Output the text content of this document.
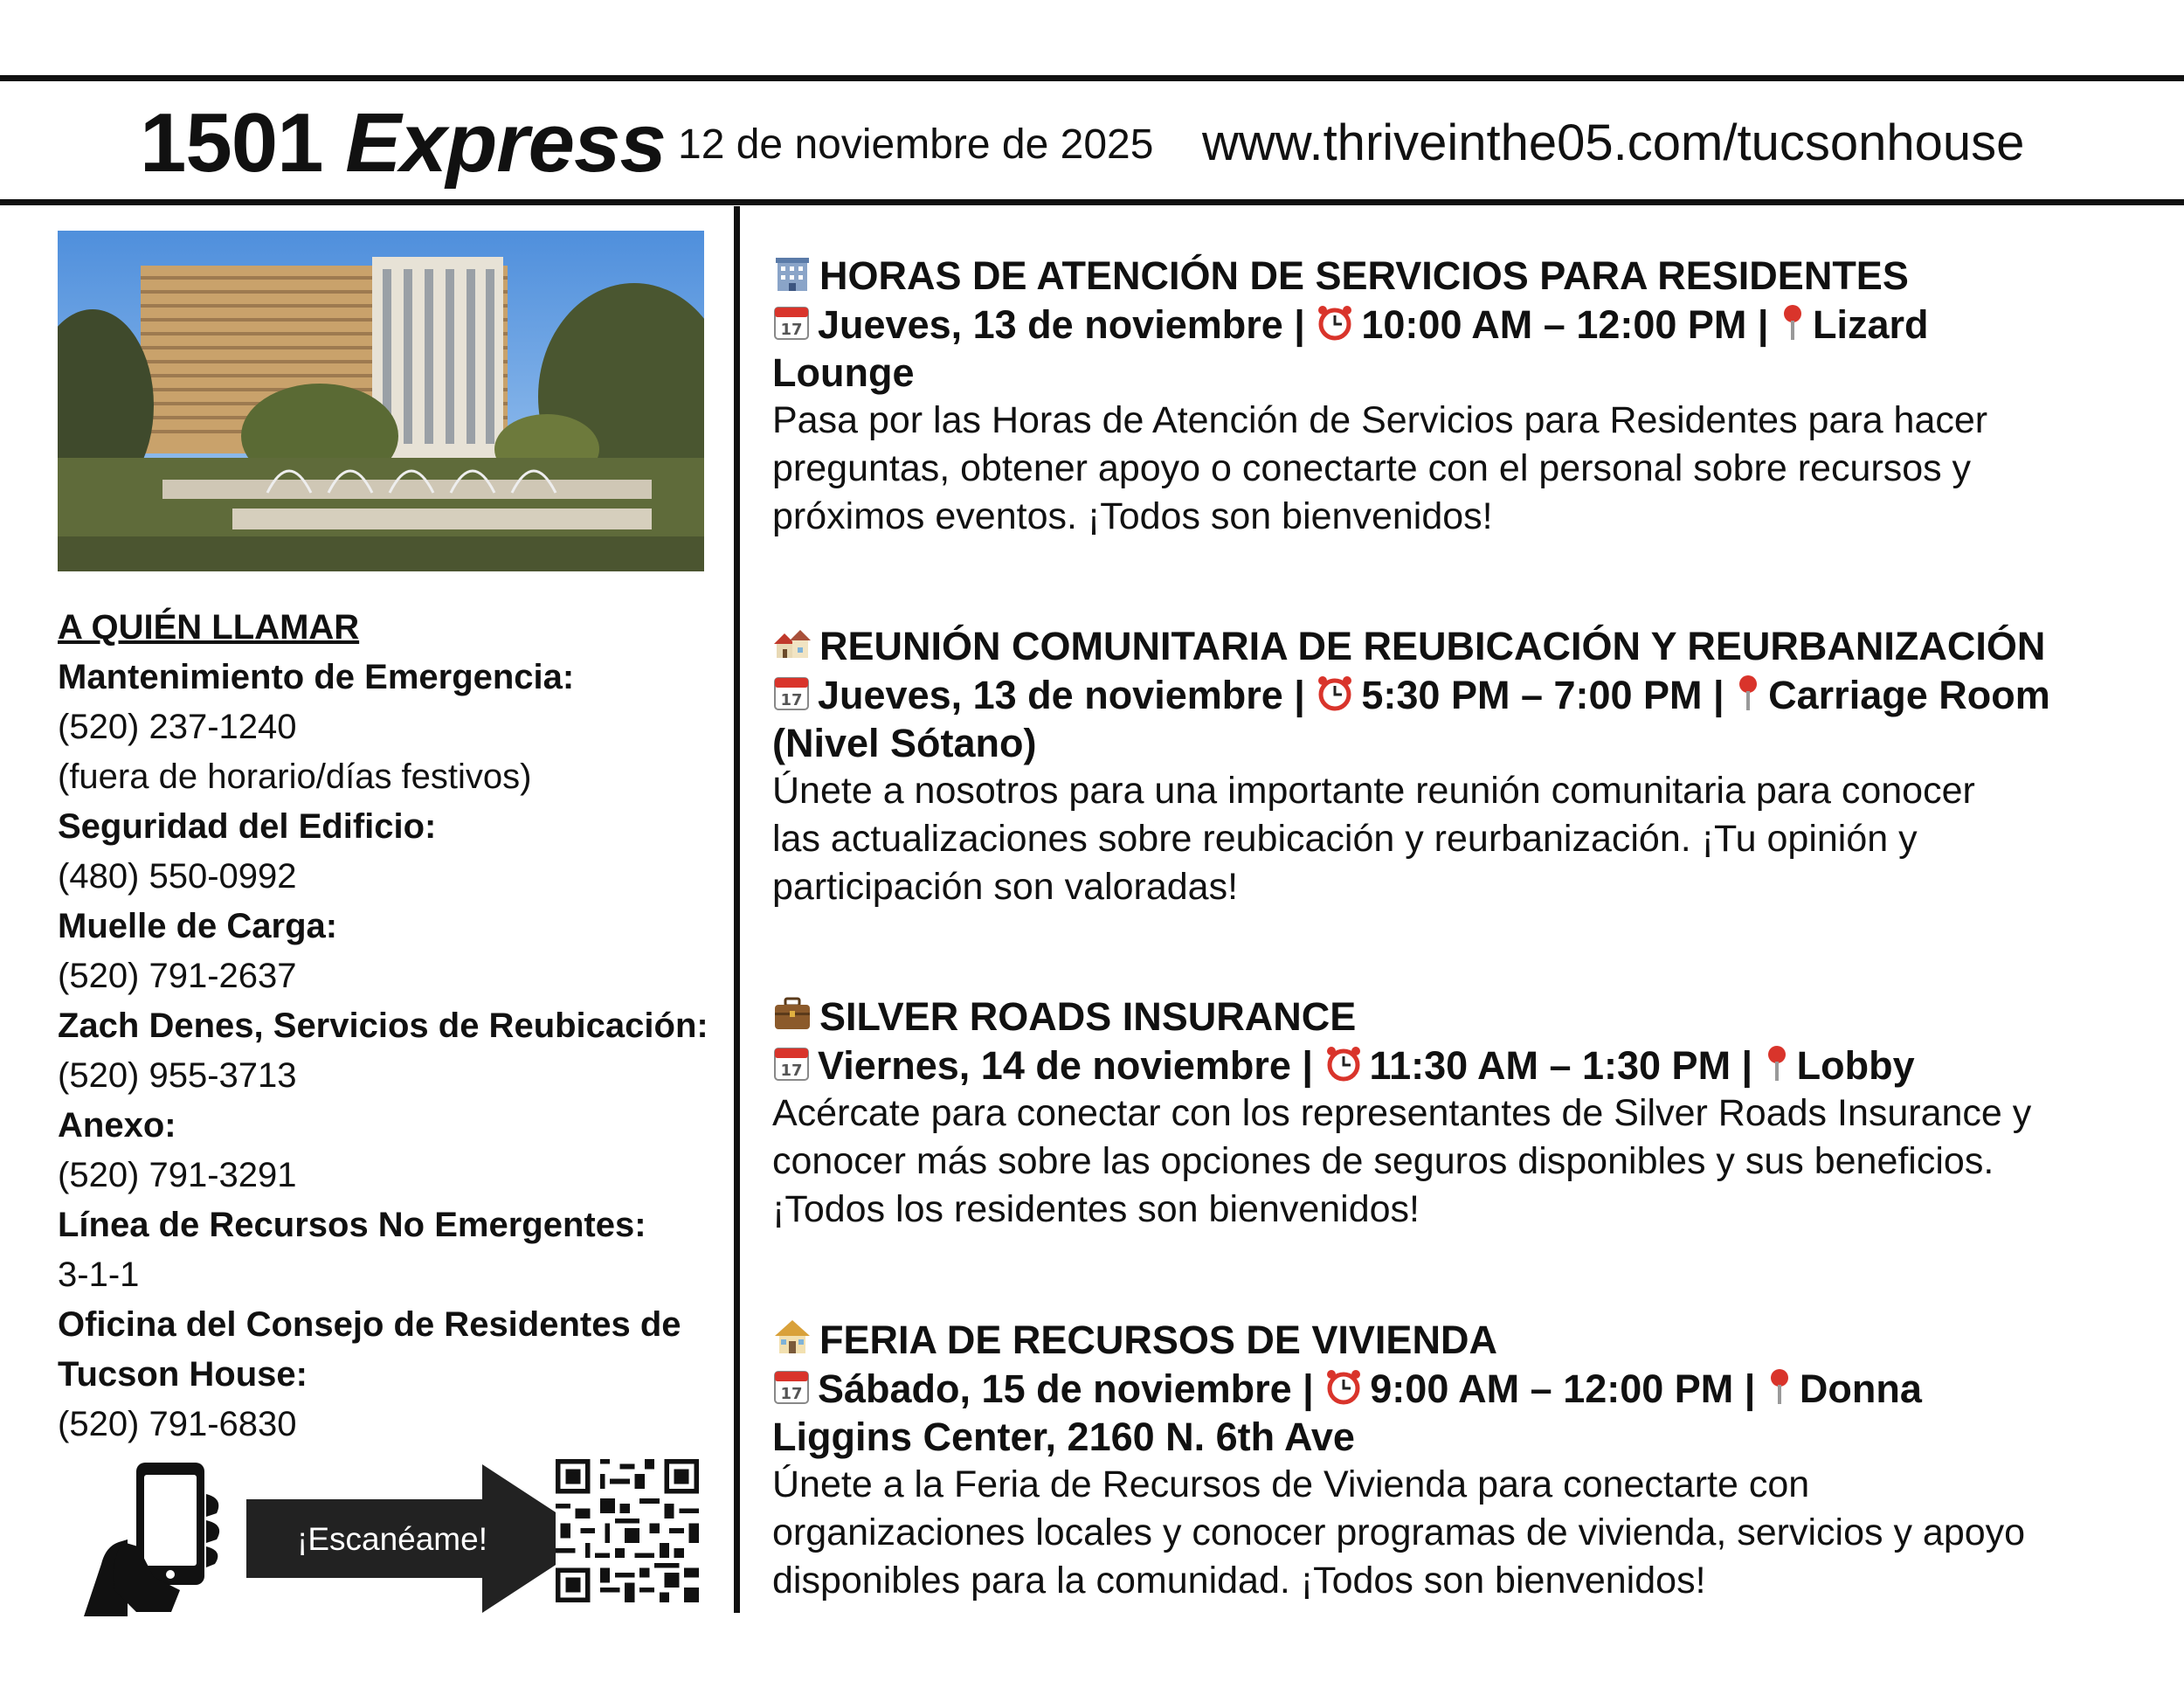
1501 Express 12 de noviembre de 2025 www.thriveinthe05.com/tucsonhouse
A QUIÉN LLAMAR
Mantenimiento de Emergencia:
(520) 237-1240
(fuera de horario/días festivos)
Seguridad del Edificio:
(480) 550-0992
Muelle de Carga:
(520) 791-2637
Zach Denes, Servicios de Reubicación:
(520) 955-3713
Anexo:
(520) 791-3291
Línea de Recursos No Emergentes:
3-1-1
Oficina del Consejo de Residentes de
Tucson House:
(520) 791-6830
¡Escanéame!
HORAS DE ATENCIÓN DE SERVICIOS PARA RESIDENTES
17 Jueves, 13 de noviembre | 10:00 AM – 12:00 PM | Lizard
Lounge
Pasa por las Horas de Atención de Servicios para Residentes para hacer
preguntas, obtener apoyo o conectarte con el personal sobre recursos y
próximos eventos. ¡Todos son bienvenidos!
REUNIÓN COMUNITARIA DE REUBICACIÓN Y REURBANIZACIÓN
17 Jueves, 13 de noviembre | 5:30 PM – 7:00 PM | Carriage Room
(Nivel Sótano)
Únete a nosotros para una importante reunión comunitaria para conocer
las actualizaciones sobre reubicación y reurbanización. ¡Tu opinión y
participación son valoradas!
SILVER ROADS INSURANCE
17 Viernes, 14 de noviembre | 11:30 AM – 1:30 PM | Lobby
Acércate para conectar con los representantes de Silver Roads Insurance y
conocer más sobre las opciones de seguros disponibles y sus beneficios.
¡Todos los residentes son bienvenidos!
FERIA DE RECURSOS DE VIVIENDA
17 Sábado, 15 de noviembre | 9:00 AM – 12:00 PM | Donna
Liggins Center, 2160 N. 6th Ave
Únete a la Feria de Recursos de Vivienda para conectarte con
organizaciones locales y conocer programas de vivienda, servicios y apoyo
disponibles para la comunidad. ¡Todos son bienvenidos!
